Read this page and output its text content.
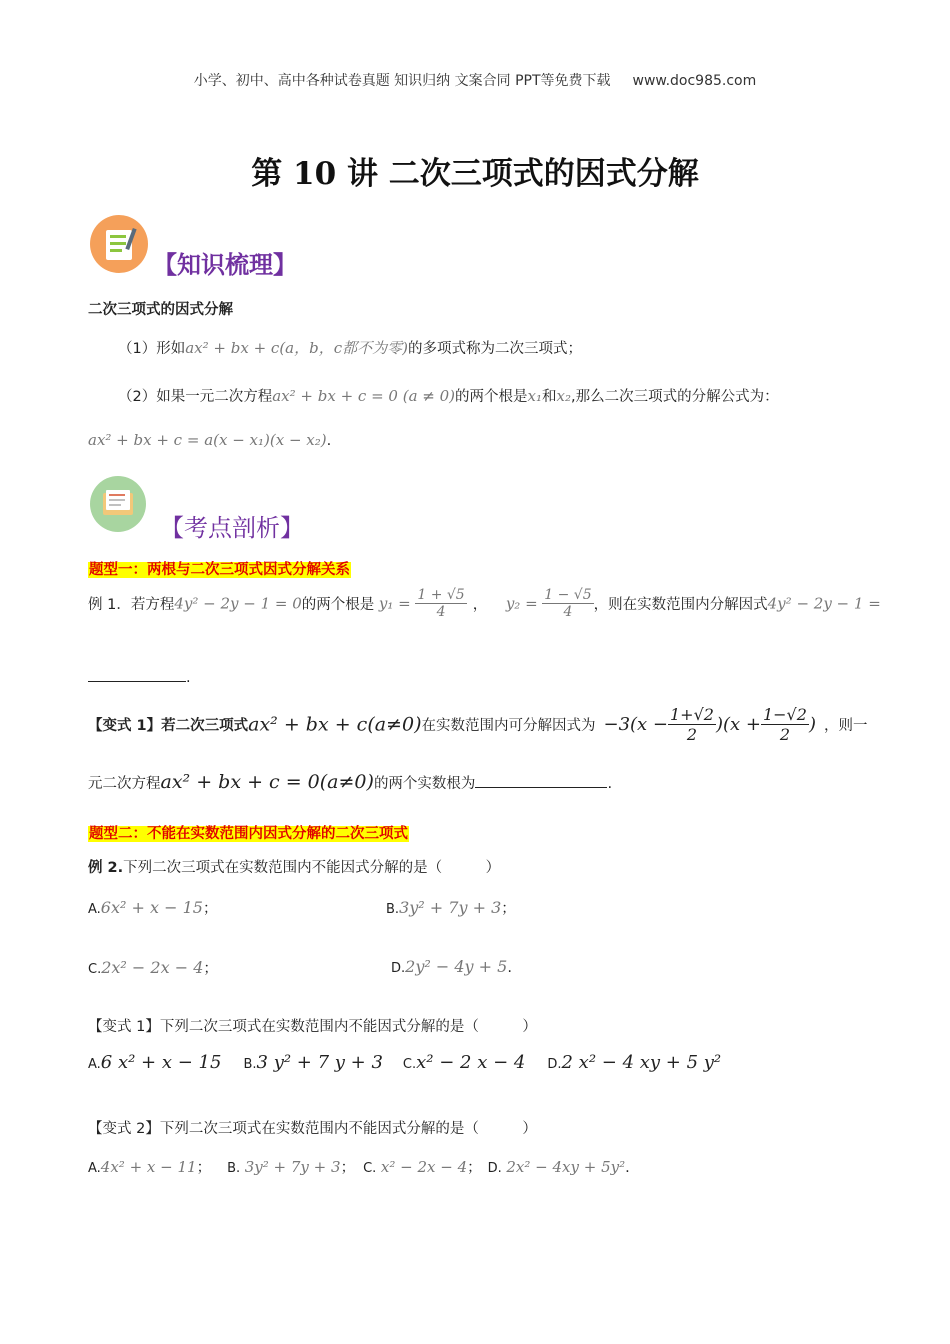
小学、初中、高中各种试卷真题 知识归纳 文案合同 PPT等免费下载 www.doc985.com
第 10 讲 二次三项式的因式分解
【知识梳理】
二次三项式的因式分解
（1）形如ax² + bx + c(a，b，c都不为零)的多项式称为二次三项式；
（2）如果一元二次方程ax² + bx + c = 0 (a ≠ 0)的两个根是x₁和x₂,那么二次三项式的分解公式为：
ax² + bx + c = a(x − x₁)(x − x₂).
【考点剖析】
题型一：两根与二次三项式因式分解关系
例 1．若方程4y² − 2y − 1 = 0的两个根是 $y_1 = \frac{1 + √5}{4}$ ， $y_2 = \frac{1 - √5}{4}$ ，则在实数范围内分解因式4y² − 2y − 1 =
.
【变式 1】若二次三项式ax² + bx + c(a≠0)在实数范围内可分解因式为 $-3(x - \frac{1+√2}{2} )(x + \frac{1-√2}{2}$ ) ，则一
元二次方程ax² + bx + c = 0(a≠0)的两个实数根为	.
题型二：不能在实数范围内因式分解的二次三项式
例 2.下列二次三项式在实数范围内不能因式分解的是（　　　）
A.6x² + x − 15；	B.3y² + 7y + 3；
C.2x² − 2x − 4；	D.2y² − 4y + 5.
【变式 1】下列二次三项式在实数范围内不能因式分解的是（　　　）
A.6 x² + x − 15 B.3 y² + 7 y + 3 C.x² − 2 x − 4 D.2 x² − 4 xy + 5 y²
【变式 2】下列二次三项式在实数范围内不能因式分解的是（　　　）
A.4x² + x − 11； B. 3y² + 7y + 3； C. x² − 2x − 4； D. 2x² − 4xy + 5y².
